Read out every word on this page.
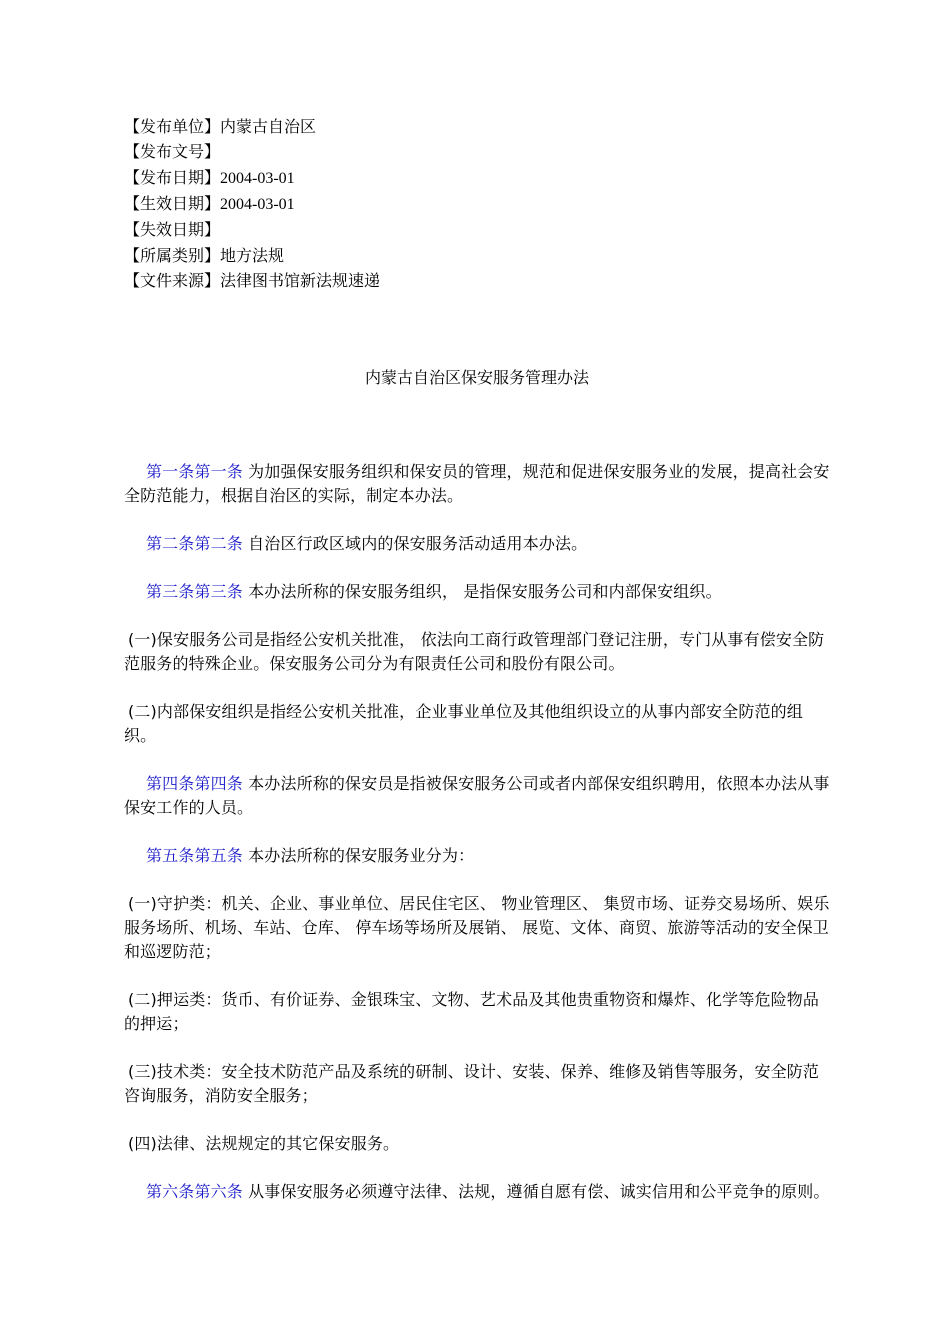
【发布单位】内蒙古自治区
【发布文号】
【发布日期】2004-03-01
【生效日期】2004-03-01
【失效日期】
【所属类别】地方法规
【文件来源】法律图书馆新法规速递
内蒙古自治区保安服务管理办法

第一条第一条 为加强保安服务组织和保安员的管理，规范和促进保安服务业的发展，提高社会安全防范能力，根据自治区的实际，制定本办法。

第二条第二条 自治区行政区域内的保安服务活动适用本办法。

第三条第三条 本办法所称的保安服务组织， 是指保安服务公司和内部保安组织。

(一)保安服务公司是指经公安机关批准， 依法向工商行政管理部门登记注册，专门从事有偿安全防范服务的特殊企业。保安服务公司分为有限责任公司和股份有限公司。

(二)内部保安组织是指经公安机关批准，企业事业单位及其他组织设立的从事内部安全防范的组织。

第四条第四条 本办法所称的保安员是指被保安服务公司或者内部保安组织聘用，依照本办法从事保安工作的人员。

第五条第五条 本办法所称的保安服务业分为：

(一)守护类：机关、企业、事业单位、居民住宅区、 物业管理区、 集贸市场、证券交易场所、娱乐服务场所、机场、车站、仓库、 停车场等场所及展销、 展览、文体、商贸、旅游等活动的安全保卫和巡逻防范；

(二)押运类：货币、有价证券、金银珠宝、文物、艺术品及其他贵重物资和爆炸、化学等危险物品的押运；

(三)技术类：安全技术防范产品及系统的研制、设计、安装、保养、维修及销售等服务，安全防范咨询服务，消防安全服务；

(四)法律、法规规定的其它保安服务。

第六条第六条 从事保安服务必须遵守法律、法规，遵循自愿有偿、诚实信用和公平竞争的原则。
